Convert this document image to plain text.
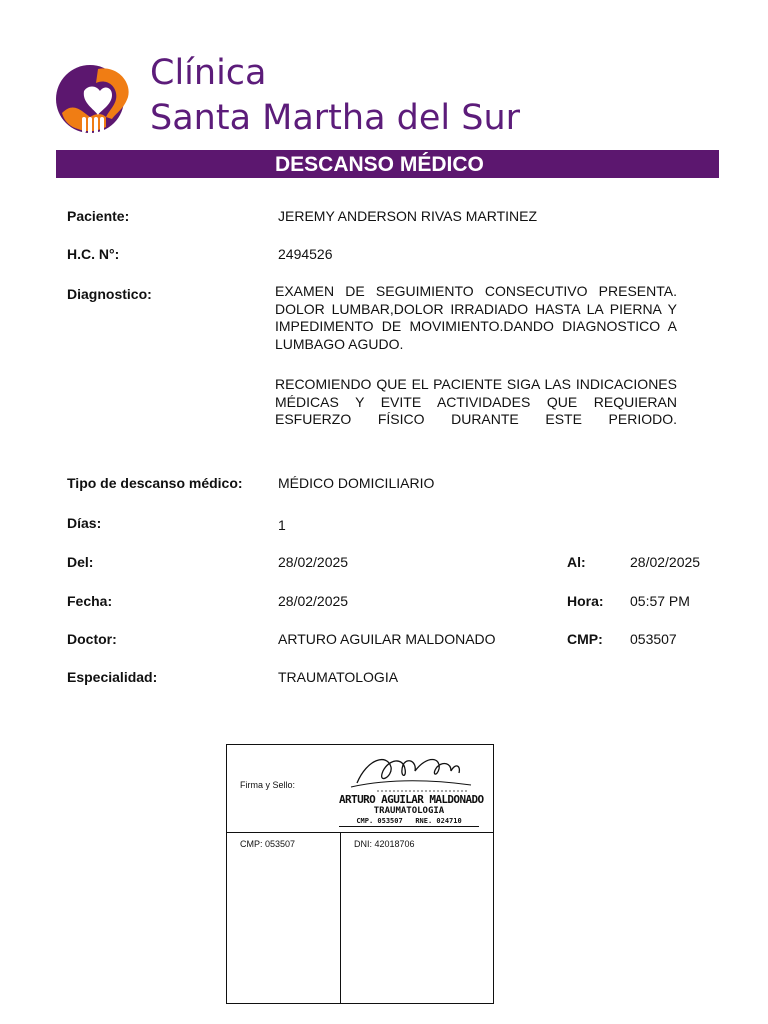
Clínica
Santa Martha del Sur
DESCANSO MÉDICO
Paciente:	JEREMY ANDERSON RIVAS MARTINEZ
H.C. N°:	2494526
Diagnostico:	EXAMEN DE SEGUIMIENTO CONSECUTIVO PRESENTA. DOLOR LUMBAR,DOLOR IRRADIADO HASTA LA PIERNA Y IMPEDIMENTO DE MOVIMIENTO.DANDO DIAGNOSTICO A LUMBAGO AGUDO.
RECOMIENDO QUE EL PACIENTE SIGA LAS INDICACIONES MÉDICAS Y EVITE ACTIVIDADES QUE REQUIERAN ESFUERZO FÍSICO DURANTE ESTE PERIODO.
Tipo de descanso médico:	MÉDICO DOMICILIARIO
Días:	1
Del:	28/02/2025	Al:	28/02/2025
Fecha:	28/02/2025	Hora: 05:57 PM
Doctor:	ARTURO AGUILAR MALDONADO	CMP: 053507
Especialidad:	TRAUMATOLOGIA
Firma y Sello:
ARTURO AGUILAR MALDONADO
TRAUMATOLOGIA
CMP. 053507   RNE. 024710
CMP: 053507	DNI: 42018706
